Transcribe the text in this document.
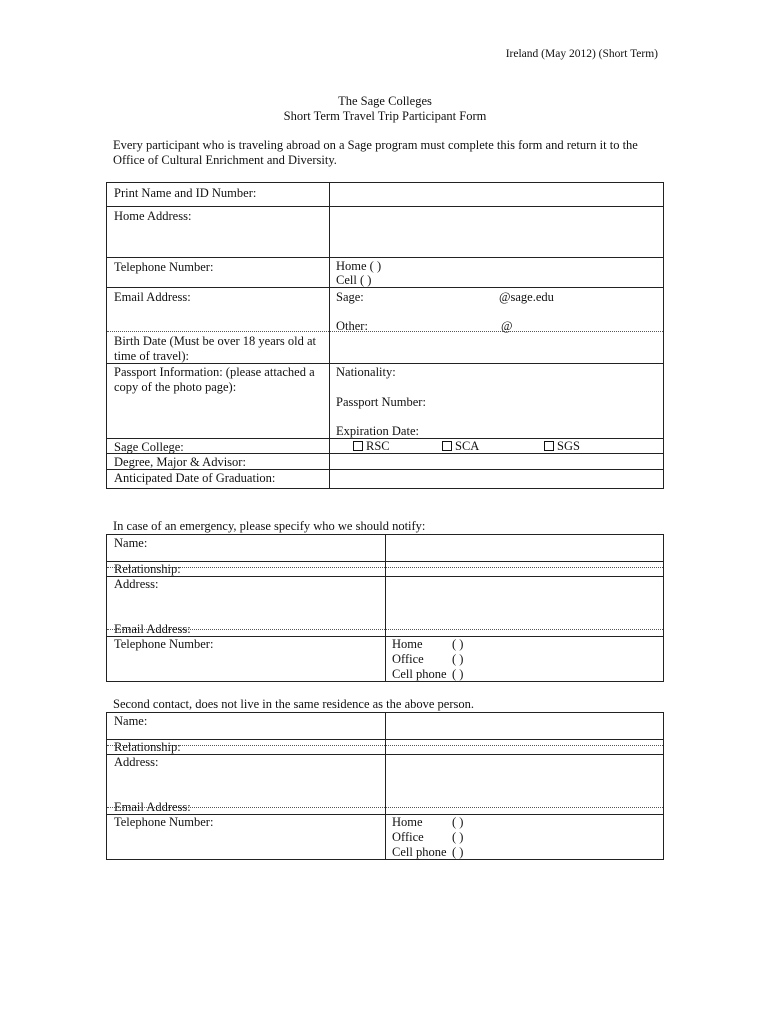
Ireland (May 2012) (Short Term)
The Sage Colleges
Short Term Travel Trip Participant Form
Every participant who is traveling abroad on a Sage program must complete this form and return it to the Office of Cultural Enrichment and Diversity.
Print Name and ID Number:
Home Address:
Telephone Number:	Home ( )
Cell ( )
Email Address:	Sage:	@sage.edu
Other:	@
Birth Date (Must be over 18 years old at
time of travel):
Passport Information: (please attached a
copy of the photo page):
Nationality:
Passport Number:
Expiration Date:
Sage College:	RSC	SCA	SGS
Degree, Major & Advisor:
Anticipated Date of Graduation:
In case of an emergency, please specify who we should notify:
Name:
Relationship:
Address:
Email Address:
Telephone Number:	Home ( )
Office ( )
Cell phone ( )
Second contact, does not live in the same residence as the above person.
Name:
Relationship:
Address:
Email Address:
Telephone Number:	Home ( )
Office ( )
Cell phone ( )
